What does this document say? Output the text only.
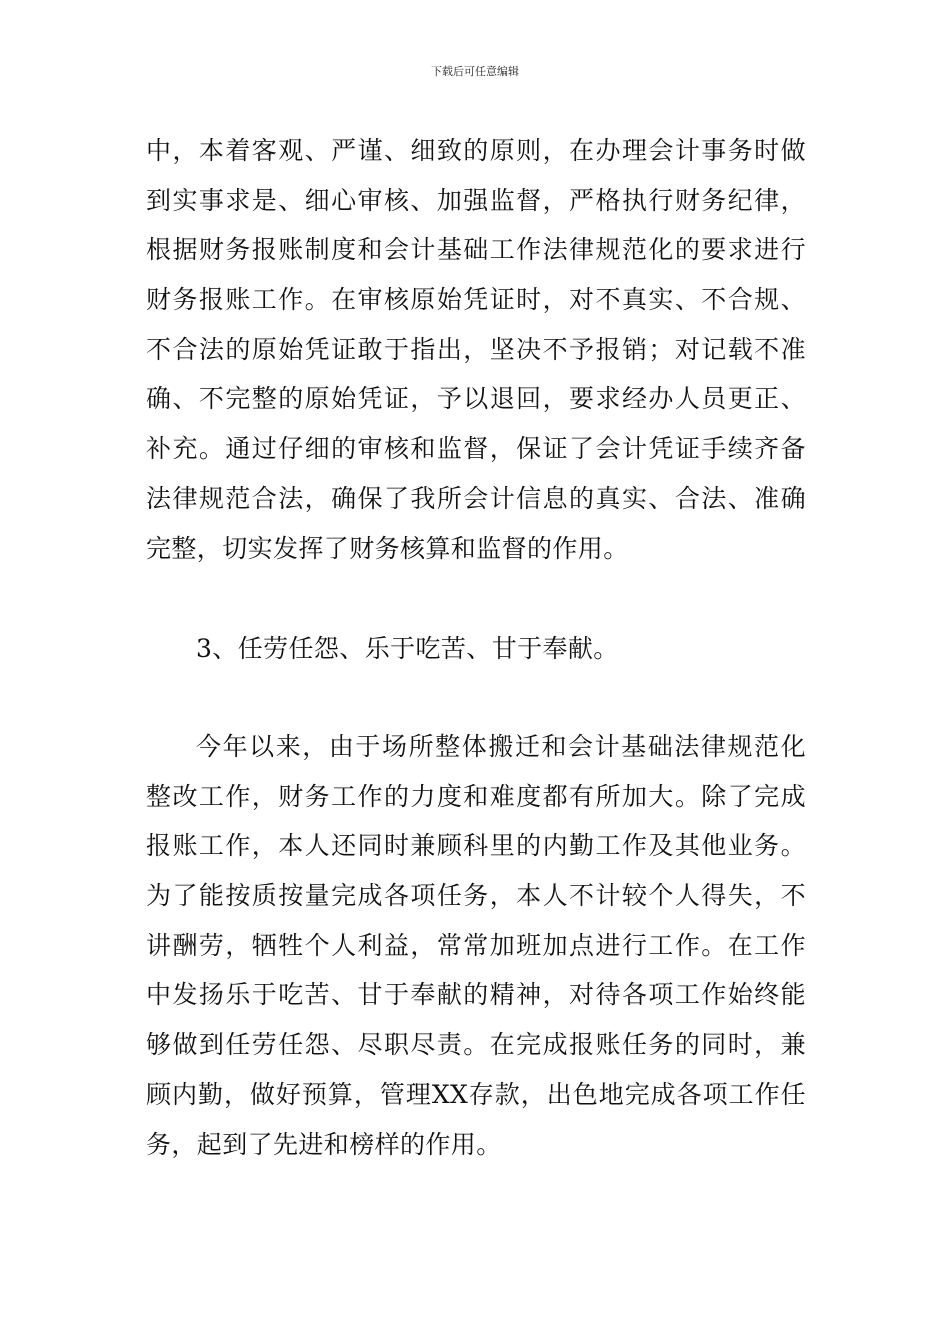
下载后可任意编辑
中，本着客观、严谨、细致的原则，在办理会计事务时做
到实事求是、细心审核、加强监督，严格执行财务纪律，
根据财务报账制度和会计基础工作法律规范化的要求进行
财务报账工作。在审核原始凭证时，对不真实、不合规、
不合法的原始凭证敢于指出，坚决不予报销；对记载不准
确、不完整的原始凭证，予以退回，要求经办人员更正、
补充。通过仔细的审核和监督，保证了会计凭证手续齐备
法律规范合法，确保了我所会计信息的真实、合法、准确
完整，切实发挥了财务核算和监督的作用。
3、任劳任怨、乐于吃苦、甘于奉献。
今年以来，由于场所整体搬迁和会计基础法律规范化
整改工作，财务工作的力度和难度都有所加大。除了完成
报账工作，本人还同时兼顾科里的内勤工作及其他业务。
为了能按质按量完成各项任务，本人不计较个人得失，不
讲酬劳，牺牲个人利益，常常加班加点进行工作。在工作
中发扬乐于吃苦、甘于奉献的精神，对待各项工作始终能
够做到任劳任怨、尽职尽责。在完成报账任务的同时，兼
顾内勤，做好预算，管理XX存款，出色地完成各项工作任
务，起到了先进和榜样的作用。
